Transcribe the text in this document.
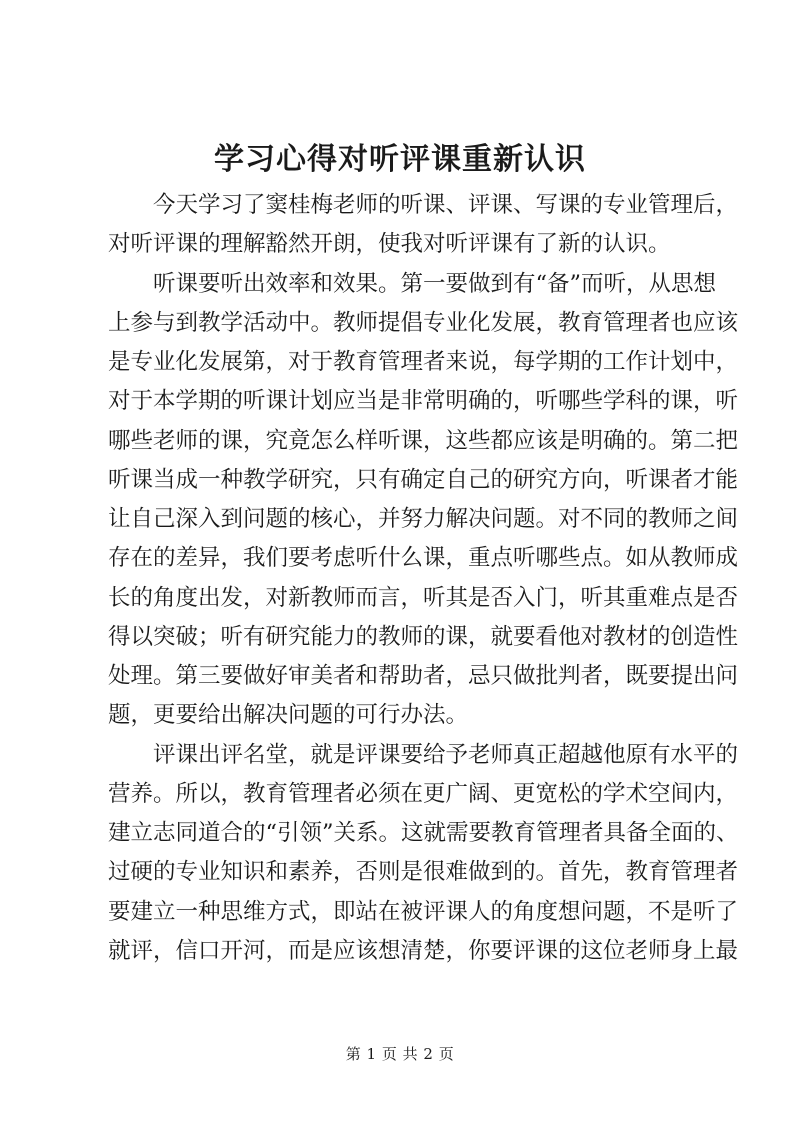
学习心得对听评课重新认识
今天学习了窦桂梅老师的听课、评课、写课的专业管理后，
对听评课的理解豁然开朗，使我对听评课有了新的认识。
听课要听出效率和效果。第一要做到有“备”而听，从思想
上参与到教学活动中。教师提倡专业化发展，教育管理者也应该
是专业化发展第，对于教育管理者来说，每学期的工作计划中，
对于本学期的听课计划应当是非常明确的，听哪些学科的课，听
哪些老师的课，究竟怎么样听课，这些都应该是明确的。第二把
听课当成一种教学研究，只有确定自己的研究方向，听课者才能
让自己深入到问题的核心，并努力解决问题。对不同的教师之间
存在的差异，我们要考虑听什么课，重点听哪些点。如从教师成
长的角度出发，对新教师而言，听其是否入门，听其重难点是否
得以突破；听有研究能力的教师的课，就要看他对教材的创造性
处理。第三要做好审美者和帮助者，忌只做批判者，既要提出问
题，更要给出解决问题的可行办法。
评课出评名堂，就是评课要给予老师真正超越他原有水平的
营养。所以，教育管理者必须在更广阔、更宽松的学术空间内，
建立志同道合的“引领”关系。这就需要教育管理者具备全面的、
过硬的专业知识和素养，否则是很难做到的。首先，教育管理者
要建立一种思维方式，即站在被评课人的角度想问题，不是听了
就评，信口开河，而是应该想清楚，你要评课的这位老师身上最
第 1 页 共 2 页
